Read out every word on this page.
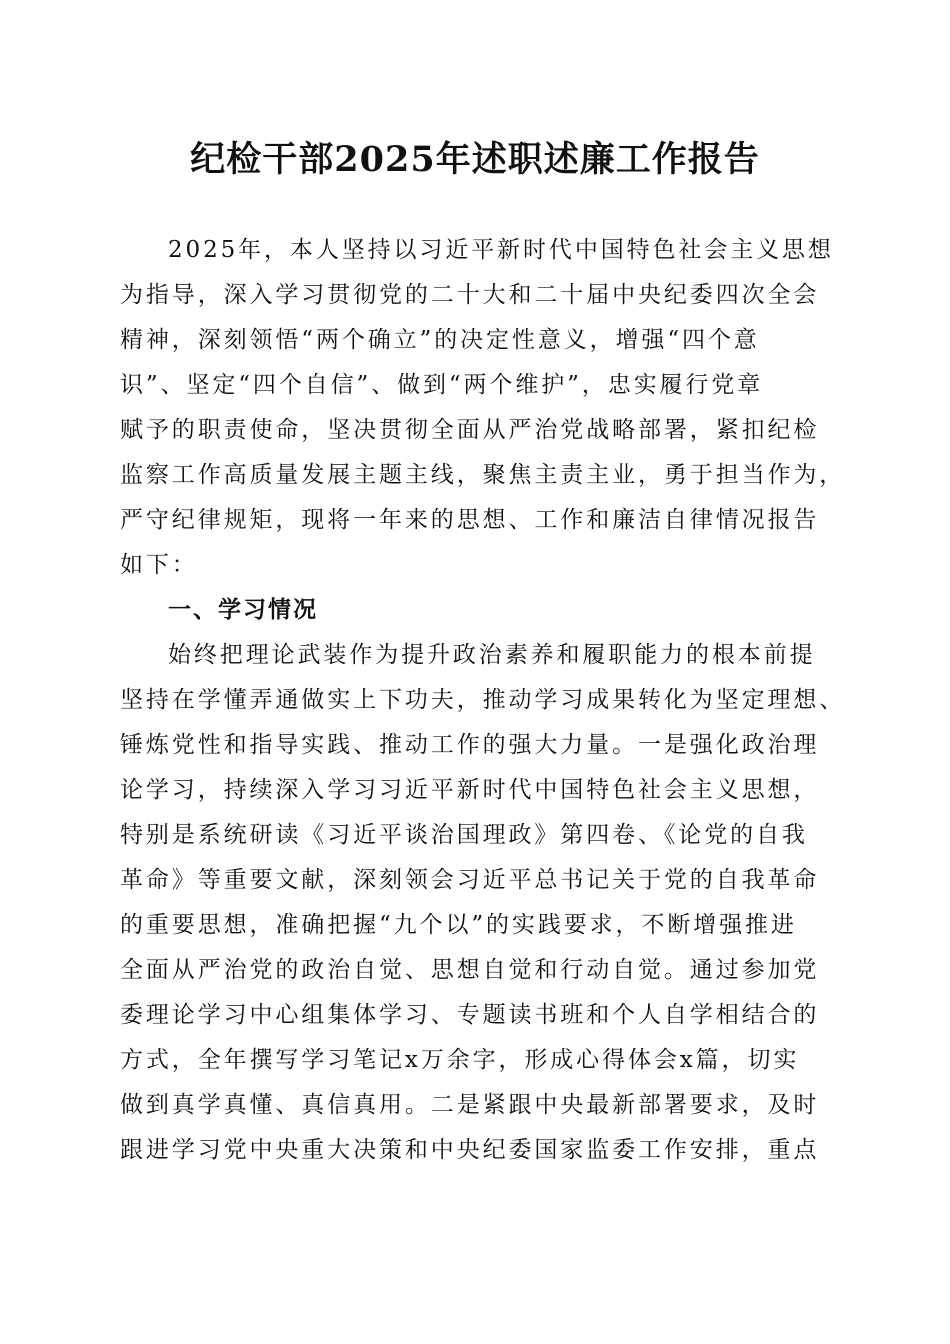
纪检干部2025年述职述廉工作报告
2025年，本人坚持以习近平新时代中国特色社会主义思想
为指导，深入学习贯彻党的二十大和二十届中央纪委四次全会
精神，深刻领悟“两个确立”的决定性意义，增强“四个意
识”、坚定“四个自信”、做到“两个维护”，忠实履行党章
赋予的职责使命，坚决贯彻全面从严治党战略部署，紧扣纪检
监察工作高质量发展主题主线，聚焦主责主业，勇于担当作为，
严守纪律规矩，现将一年来的思想、工作和廉洁自律情况报告
如下：
一、学习情况
始终把理论武装作为提升政治素养和履职能力的根本前提
坚持在学懂弄通做实上下功夫，推动学习成果转化为坚定理想、
锤炼党性和指导实践、推动工作的强大力量。一是强化政治理
论学习，持续深入学习习近平新时代中国特色社会主义思想，
特别是系统研读《习近平谈治国理政》第四卷、《论党的自我
革命》等重要文献，深刻领会习近平总书记关于党的自我革命
的重要思想，准确把握“九个以”的实践要求，不断增强推进
全面从严治党的政治自觉、思想自觉和行动自觉。通过参加党
委理论学习中心组集体学习、专题读书班和个人自学相结合的
方式，全年撰写学习笔记x万余字，形成心得体会x篇，切实
做到真学真懂、真信真用。二是紧跟中央最新部署要求，及时
跟进学习党中央重大决策和中央纪委国家监委工作安排，重点
